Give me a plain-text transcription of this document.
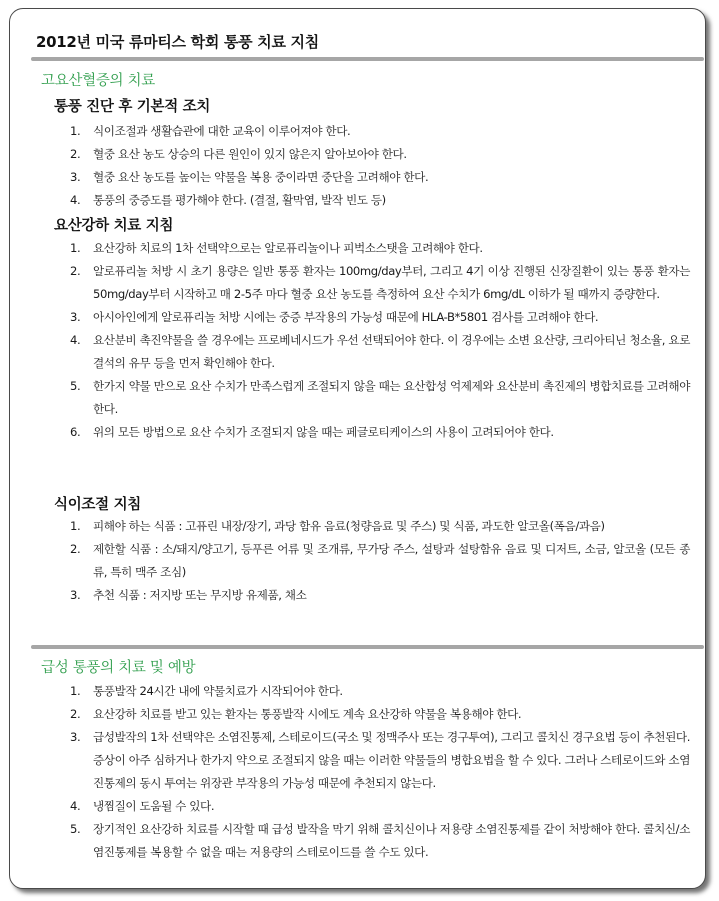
2012년 미국 류마티스 학회 통풍 치료 지침
고요산혈증의 치료
통풍 진단 후 기본적 조치
1. 식이조절과 생활습관에 대한 교육이 이루어져야 한다.
2. 혈중 요산 농도 상승의 다른 원인이 있지 않은지 알아보아야 한다.
3. 혈중 요산 농도를 높이는 약물을 복용 중이라면 중단을 고려해야 한다.
4. 통풍의 중증도를 평가해야 한다. (결절, 활막염, 발작 빈도 등)
요산강하 치료 지침
1. 요산강하 치료의 1차 선택약으로는 알로퓨리놀이나 피벅소스탯을 고려해야 한다.
2. 알로퓨리놀 처방 시 초기 용량은 일반 통풍 환자는 100mg/day부터, 그리고 4기 이상 진행된 신장질환이 있는 통풍 환자는 50mg/day부터 시작하고 매 2-5주 마다 혈중 요산 농도를 측정하여 요산 수치가 6mg/dL 이하가 될 때까지 증량한다.
3. 아시아인에게 알로퓨리놀 처방 시에는 중증 부작용의 가능성 때문에 HLA-B*5801 검사를 고려해야 한다.
4. 요산분비 촉진약물을 쓸 경우에는 프로베네시드가 우선 선택되어야 한다. 이 경우에는 소변 요산량, 크리아티닌 청소율, 요로 결석의 유무 등을 먼저 확인해야 한다.
5. 한가지 약물 만으로 요산 수치가 만족스럽게 조절되지 않을 때는 요산합성 억제제와 요산분비 촉진제의 병합치료를 고려해야 한다.
6. 위의 모든 방법으로 요산 수치가 조절되지 않을 때는 페글로티케이스의 사용이 고려되어야 한다.
식이조절 지침
1. 피해야 하는 식품 : 고퓨린 내장/장기, 과당 함유 음료(청량음료 및 주스) 및 식품, 과도한 알코올(폭음/과음)
2. 제한할 식품 : 소/돼지/양고기, 등푸른 어류 및 조개류, 무가당 주스, 설탕과 설탕함유 음료 및 디저트, 소금, 알코올 (모든 종류, 특히 맥주 조심)
3. 추천 식품 : 저지방 또는 무지방 유제품, 채소
급성 통풍의 치료 및 예방
1. 통풍발작 24시간 내에 약물치료가 시작되어야 한다.
2. 요산강하 치료를 받고 있는 환자는 통풍발작 시에도 계속 요산강하 약물을 복용해야 한다.
3. 급성발작의 1차 선택약은 소염진통제, 스테로이드(국소 및 정맥주사 또는 경구투여), 그리고 콜치신 경구요법 등이 추천된다. 증상이 아주 심하거나 한가지 약으로 조절되지 않을 때는 이러한 약물들의 병합요법을 할 수 있다. 그러나 스테로이드와 소염진통제의 동시 투여는 위장관 부작용의 가능성 때문에 추천되지 않는다.
4. 냉찜질이 도움될 수 있다.
5. 장기적인 요산강하 치료를 시작할 때 급성 발작을 막기 위해 콜치신이나 저용량 소염진통제를 같이 처방해야 한다. 콜치신/소염진통제를 복용할 수 없을 때는 저용량의 스테로이드를 쓸 수도 있다.
